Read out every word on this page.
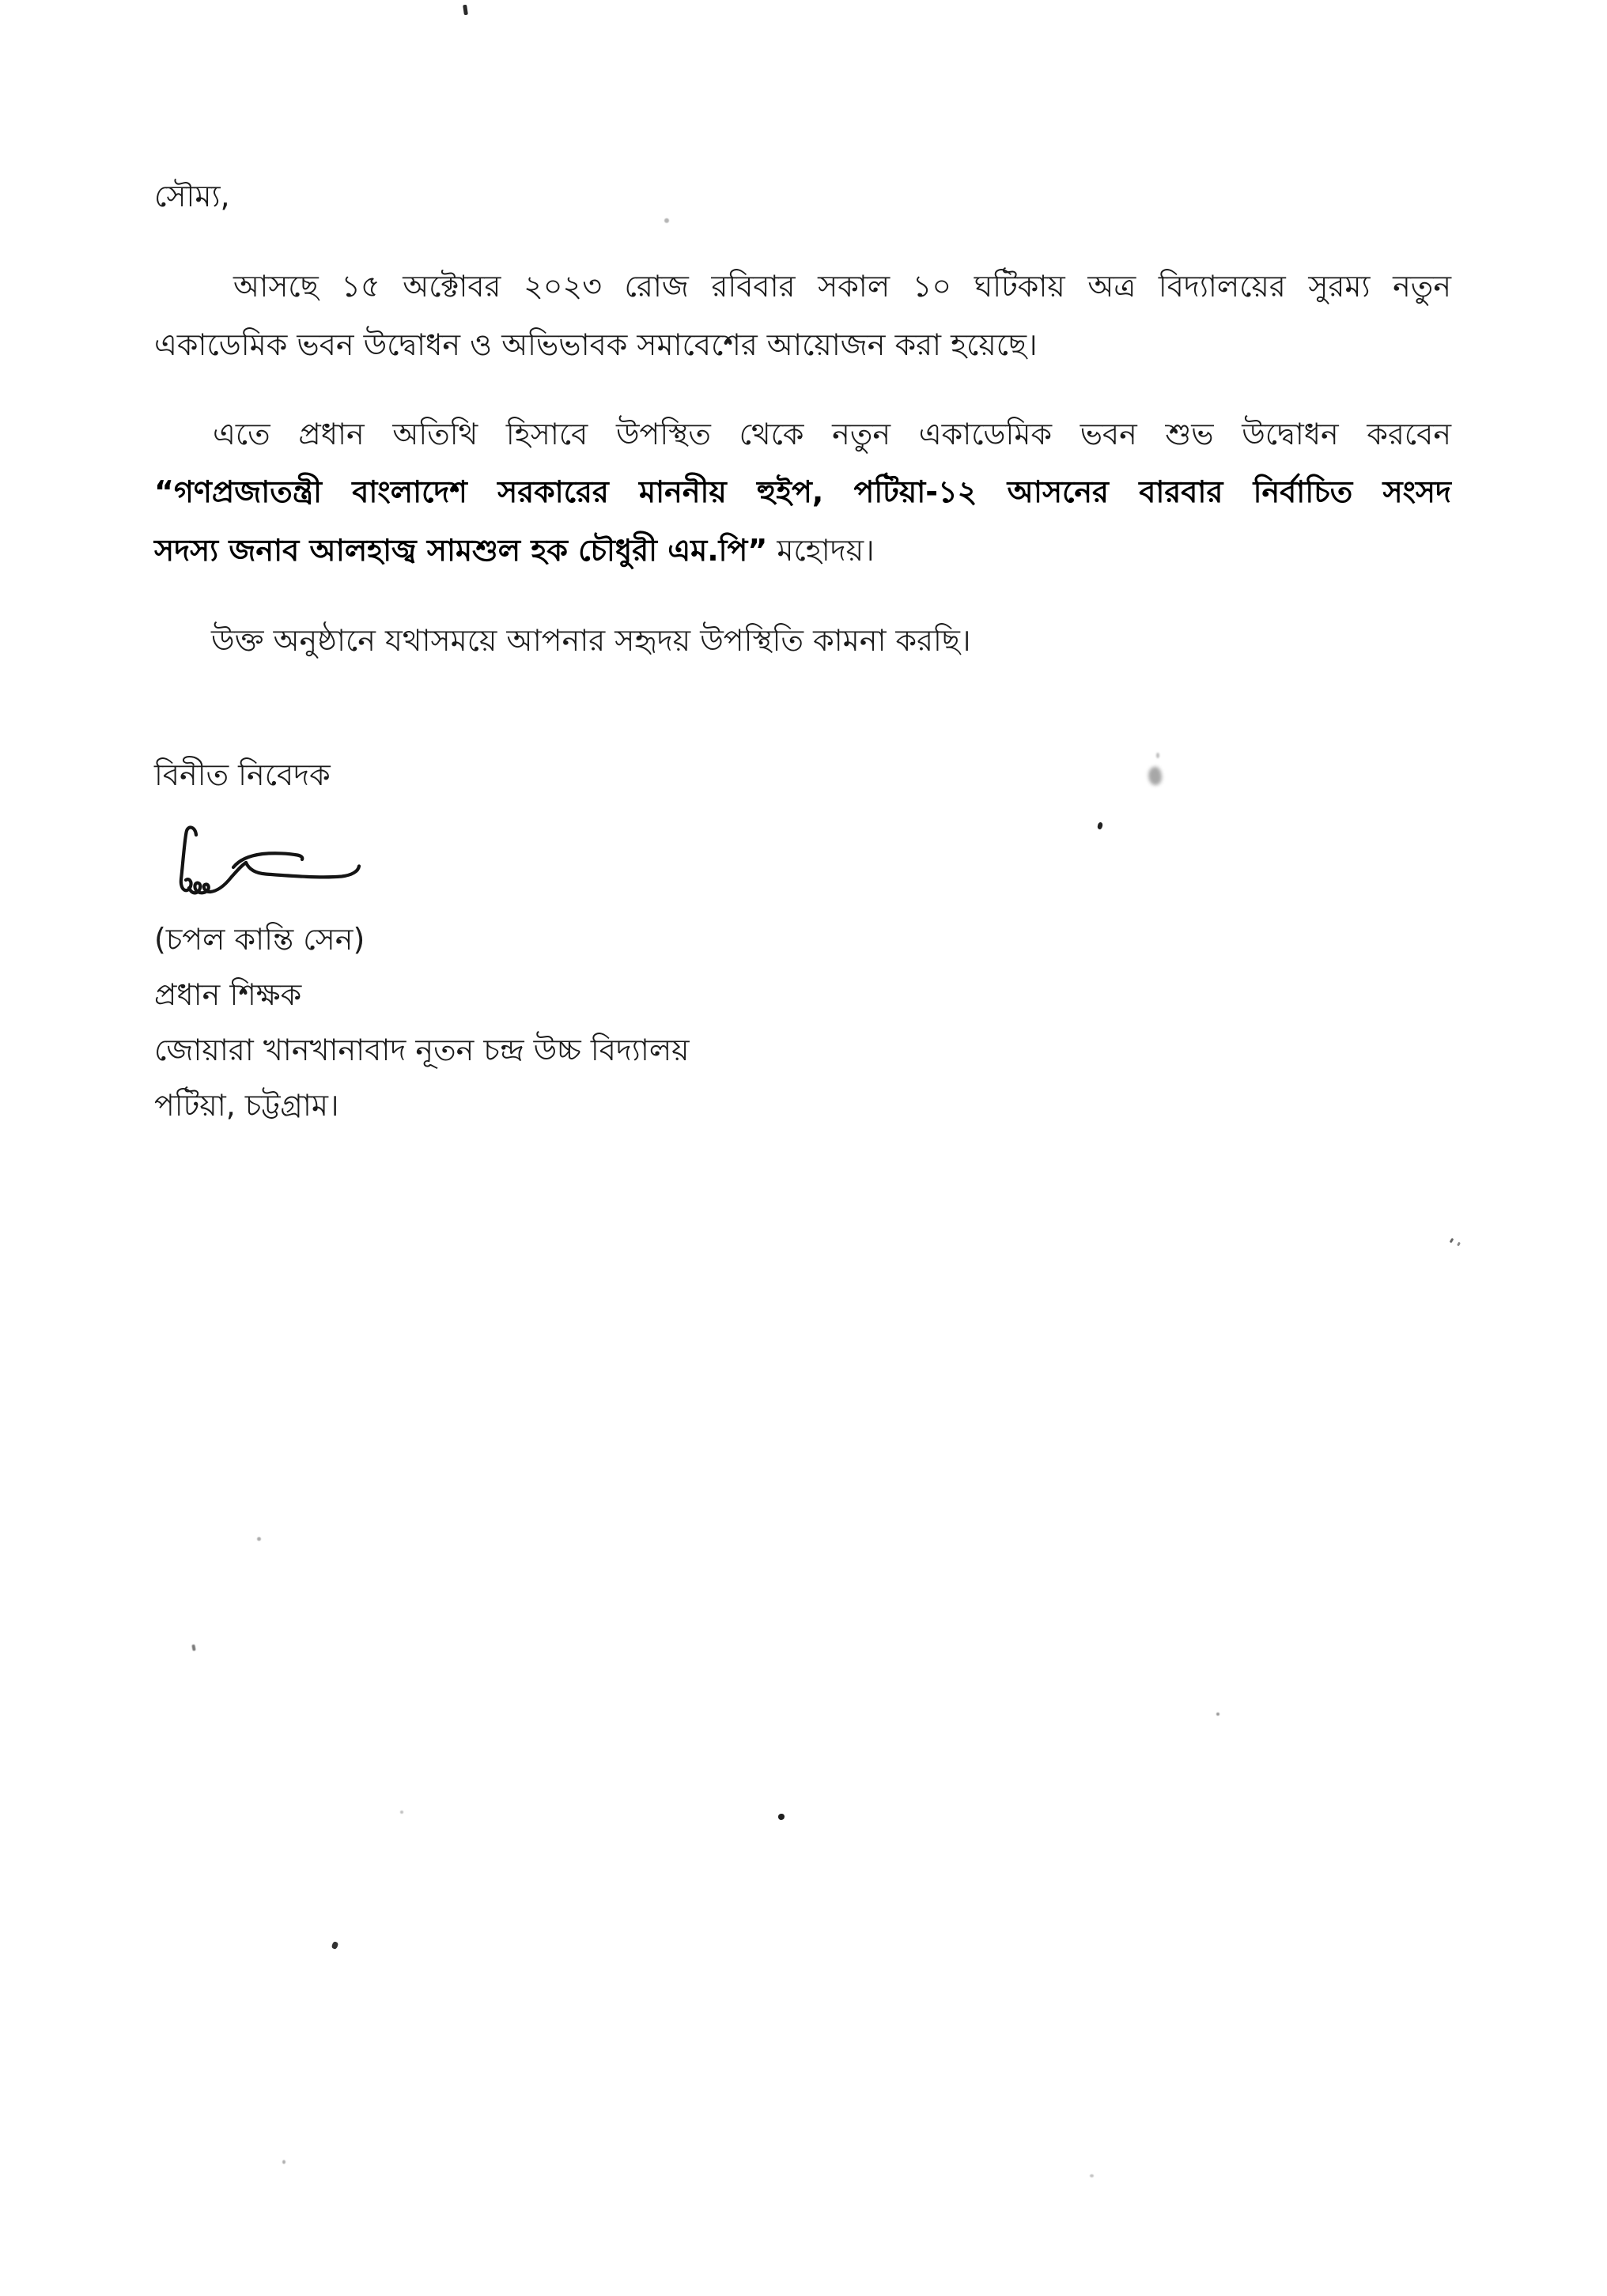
সৌম্য,
আসছে ১৫ অক্টোবর ২০২৩ রোজ রবিবার সকাল ১০ ঘটিকায় অত্র বিদ্যালয়ের সুরম্য নতুন
একাডেমিক ভবন উদ্বোধন ও অভিভাবক সমাবেশের আয়োজন করা হয়েছে।
এতে প্রধান অতিথি হিসাবে উপস্থিত থেকে নতুন একাডেমিক ভবন শুভ উদ্বোধন করবেন
“গণপ্রজাতন্ত্রী বাংলাদেশ সরকারের মাননীয় হুইপ, পটিয়া-১২ আসনের বারবার নির্বাচিত সংসদ
সদস্য জনাব আলহাজ্ব সামশুল হক চৌধুরী এম.পি” মহোদয়।
উক্ত অনুষ্ঠানে যথাসময়ে আপনার সহৃদয় উপস্থিতি কামনা করছি।
বিনীত নিবেদক
(চপল কান্তি সেন)
প্রধান শিক্ষক
জোয়ারা খানখানাবাদ নূতন চন্দ্র উচ্চ বিদ্যালয়
পটিয়া, চট্টগ্রাম।
